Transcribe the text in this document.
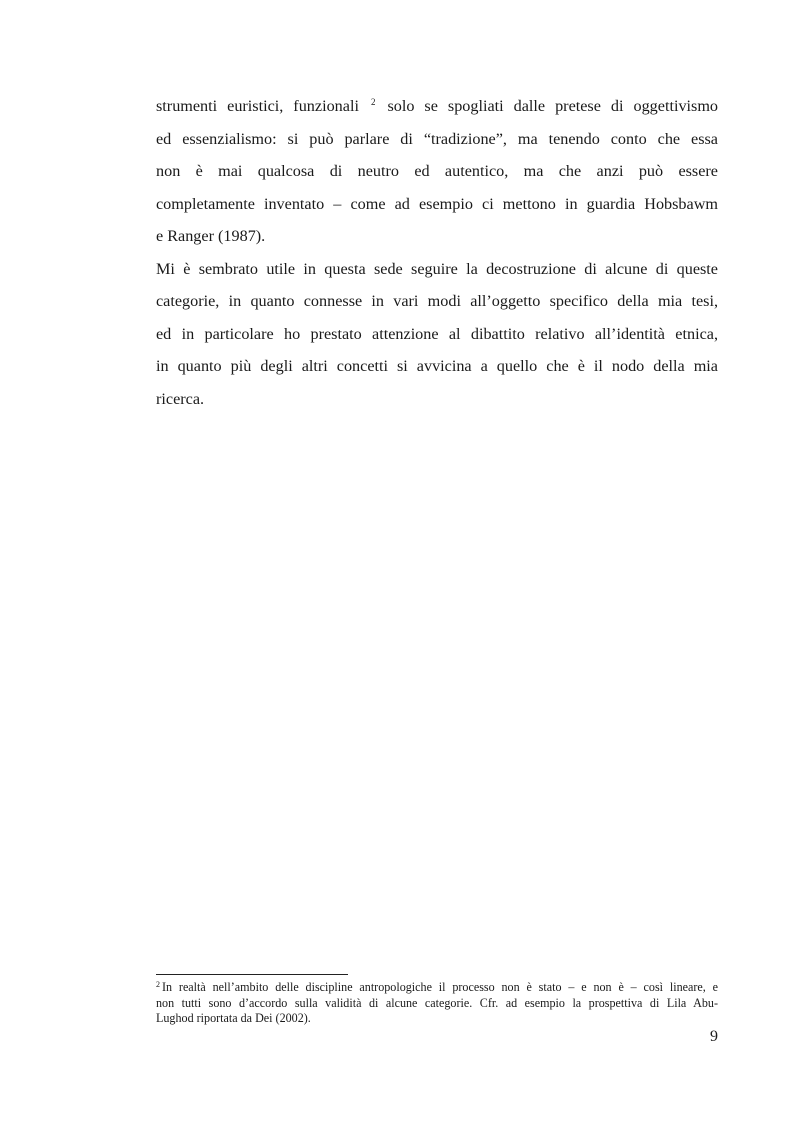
strumenti euristici, funzionali $^2$ solo se spogliati dalle pretese di oggettivismo
ed essenzialismo: si può parlare di “tradizione”, ma tenendo conto che essa
non è mai qualcosa di neutro ed autentico, ma che anzi può essere
completamente inventato – come ad esempio ci mettono in guardia Hobsbawm
e Ranger (1987).
Mi è sembrato utile in questa sede seguire la decostruzione di alcune di queste
categorie, in quanto connesse in vari modi all’oggetto specifico della mia tesi,
ed in particolare ho prestato attenzione al dibattito relativo all’identità etnica,
in quanto più degli altri concetti si avvicina a quello che è il nodo della mia
ricerca.
$^2$ In realtà nell’ambito delle discipline antropologiche il processo non è stato – e non è – così lineare, e
non tutti sono d’accordo sulla validità di alcune categorie. Cfr. ad esempio la prospettiva di Lila Abu-
Lughod riportata da Dei (2002).
9
